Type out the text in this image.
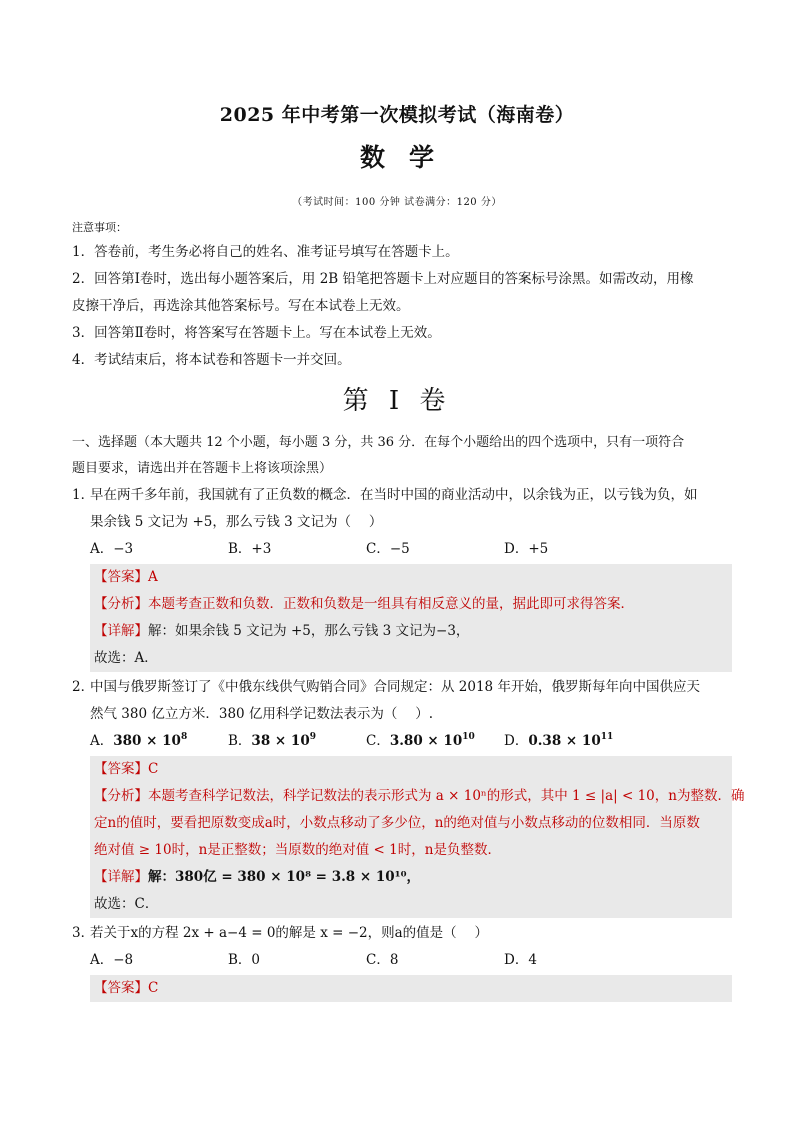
2025 年中考第一次模拟考试（海南卷）
数学
（考试时间：100 分钟 试卷满分：120 分）
注意事项：
1．答卷前，考生务必将自己的姓名、准考证号填写在答题卡上。
2．回答第Ⅰ卷时，选出每小题答案后，用 2B 铅笔把答题卡上对应题目的答案标号涂黑。如需改动，用橡
皮擦干净后，再选涂其他答案标号。写在本试卷上无效。
3．回答第Ⅱ卷时，将答案写在答题卡上。写在本试卷上无效。
4．考试结束后，将本试卷和答题卡一并交回。
第 I 卷
一、选择题（本大题共 12 个小题，每小题 3 分，共 36 分．在每个小题给出的四个选项中，只有一项符合
题目要求，请选出并在答题卡上将该项涂黑）
1．早在两千多年前，我国就有了正负数的概念．在当时中国的商业活动中，以余钱为正，以亏钱为负，如
果余钱 5 文记为 +5，那么亏钱 3 文记为（　 ）
A．−3	B．+3	C．−5	D．+5
【答案】A
【分析】本题考查正数和负数．正数和负数是一组具有相反意义的量，据此即可求得答案．
【详解】解：如果余钱 5 文记为 +5，那么亏钱 3 文记为−3，
故选：A．
2．中国与俄罗斯签订了《中俄东线供气购销合同》合同规定：从 2018 年开始，俄罗斯每年向中国供应天
然气 380 亿立方米．380 亿用科学记数法表示为（　 ）.
A．$380 \times 10^8$	B．$38 \times 10^9$	C．$3.80 \times 10^{10}$	D．$0.38 \times 10^{11}$
【答案】C
【分析】本题考查科学记数法，科学记数法的表示形式为 a × 10ⁿ的形式，其中 1 ≤ |a| < 10，n为整数．确
定n的值时，要看把原数变成a时，小数点移动了多少位，n的绝对值与小数点移动的位数相同．当原数
绝对值 ≥ 10时，n是正整数；当原数的绝对值 < 1时，n是负整数．
【详解】解：380亿 = 380 × 10⁸ = 3.8 × 10¹⁰，
故选：C．
3．若关于x的方程 2x + a−4 = 0的解是 x = −2，则a的值是（　 ）
A．−8	B．0	C．8	D．4
【答案】C
